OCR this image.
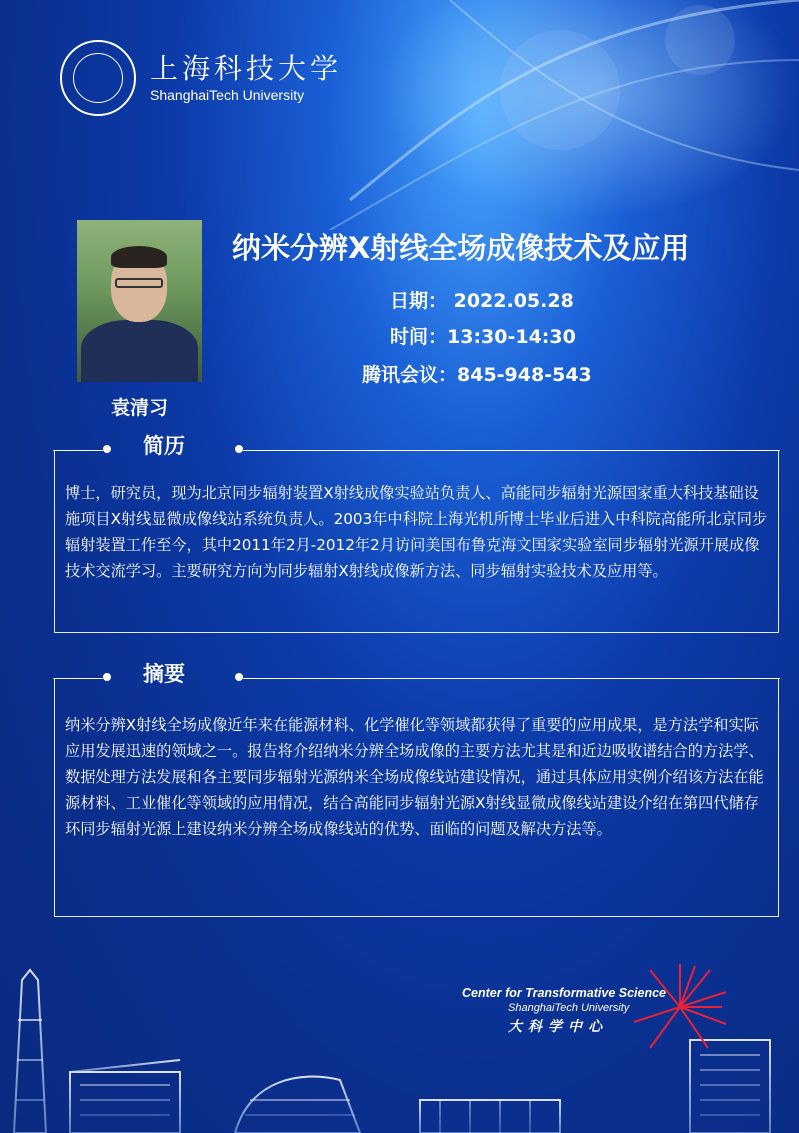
上海科技大学
ShanghaiTech University
袁清习
纳米分辨X射线全场成像技术及应用
日期： 2022.05.28
时间：13:30-14:30
腾讯会议：845-948-543
简历
博士，研究员，现为北京同步辐射装置X射线成像实验站负责人、高能同步辐射光源国家重大科技基础设施项目X射线显微成像线站系统负责人。2003年中科院上海光机所博士毕业后进入中科院高能所北京同步辐射装置工作至今，其中2011年2月-2012年2月访问美国布鲁克海文国家实验室同步辐射光源开展成像技术交流学习。主要研究方向为同步辐射X射线成像新方法、同步辐射实验技术及应用等。
摘要
纳米分辨X射线全场成像近年来在能源材料、化学催化等领域都获得了重要的应用成果，是方法学和实际应用发展迅速的领域之一。报告将介绍纳米分辨全场成像的主要方法尤其是和近边吸收谱结合的方法学、数据处理方法发展和各主要同步辐射光源纳米全场成像线站建设情况，通过具体应用实例介绍该方法在能源材料、工业催化等领域的应用情况，结合高能同步辐射光源X射线显微成像线站建设介绍在第四代储存环同步辐射光源上建设纳米分辨全场成像线站的优势、面临的问题及解决方法等。
Center for Transformative Science
ShanghaiTech University
大科学中心
